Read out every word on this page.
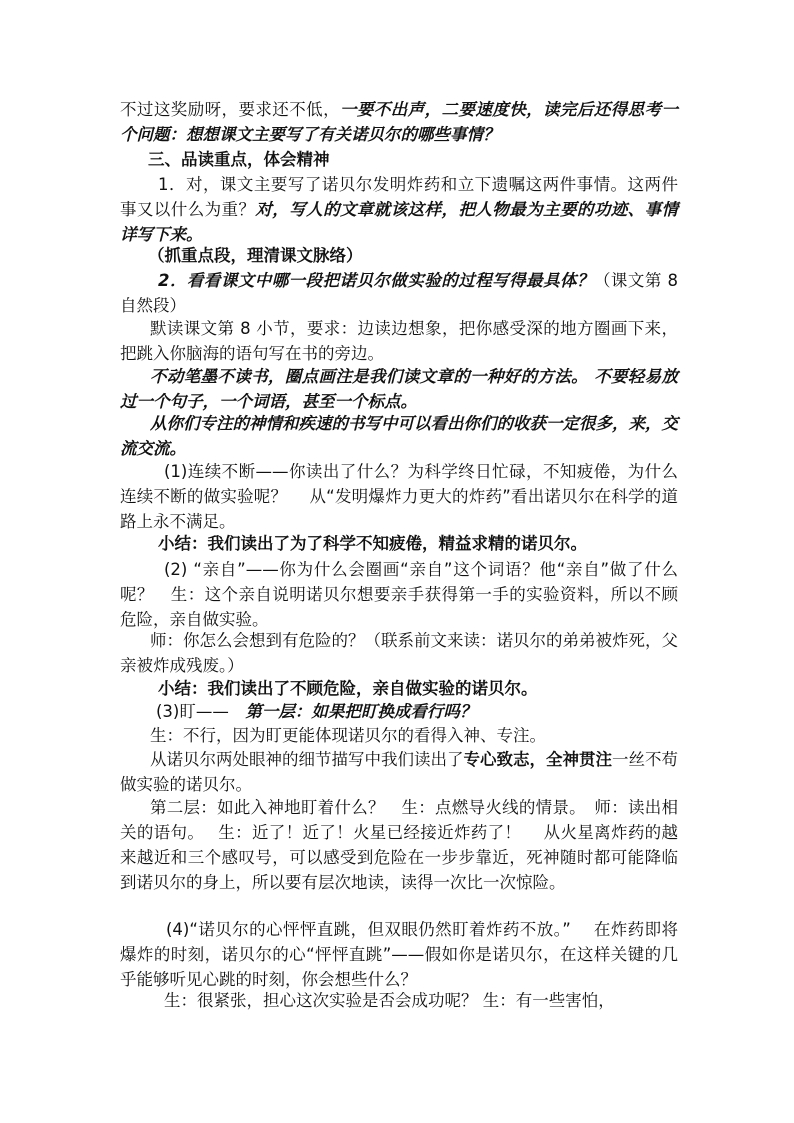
不过这奖励呀，要求还不低，一要不出声，二要速度快，读完后还得思考一个问题：想想课文主要写了有关诺贝尔的哪些事情？

三、品读重点，体会精神

1．对，课文主要写了诺贝尔发明炸药和立下遗嘱这两件事情。这两件事又以什么为重？对，写人的文章就该这样，把人物最为主要的功迹、事情详写下来。

（抓重点段，理清课文脉络）

2．看看课文中哪一段把诺贝尔做实验的过程写得最具体？（课文第 8 自然段）

默读课文第 8 小节，要求：边读边想象，把你感受深的地方圈画下来，把跳入你脑海的语句写在书的旁边。

不动笔墨不读书，圈点画注是我们读文章的一种好的方法。 不要轻易放过一个句子，一个词语，甚至一个标点。

从你们专注的神情和疾速的书写中可以看出你们的收获一定很多，来，交流交流。

(1)连续不断——你读出了什么？为科学终日忙碌，不知疲倦，为什么连续不断的做实验呢？　 从“发明爆炸力更大的炸药”看出诺贝尔在科学的道路上永不满足。

小结：我们读出了为了科学不知疲倦，精益求精的诺贝尔。

(2) “亲自”——你为什么会圈画“亲自”这个词语？他“亲自”做了什么呢？　生：这个亲自说明诺贝尔想要亲手获得第一手的实验资料，所以不顾危险，亲自做实验。

师：你怎么会想到有危险的？（联系前文来读：诺贝尔的弟弟被炸死，父亲被炸成残废。）

小结：我们读出了不顾危险，亲自做实验的诺贝尔。

(3)盯——　第一层：如果把盯换成看行吗？

生：不行，因为盯更能体现诺贝尔的看得入神、专注。

从诺贝尔两处眼神的细节描写中我们读出了专心致志，全神贯注一丝不苟做实验的诺贝尔。

第二层：如此入神地盯着什么？　生：点燃导火线的情景。　师：读出相关的语句。　 生：近了！近了！火星已经接近炸药了！　 从火星离炸药的越来越近和三个感叹号，可以感受到危险在一步步靠近，死神随时都可能降临到诺贝尔的身上，所以要有层次地读，读得一次比一次惊险。

(4)“诺贝尔的心怦怦直跳，但双眼仍然盯着炸药不放。”　 在炸药即将爆炸的时刻，诺贝尔的心“怦怦直跳”——假如你是诺贝尔，在这样关键的几乎能够听见心跳的时刻，你会想些什么？

生：很紧张，担心这次实验是否会成功呢？ 生：有一些害怕，
